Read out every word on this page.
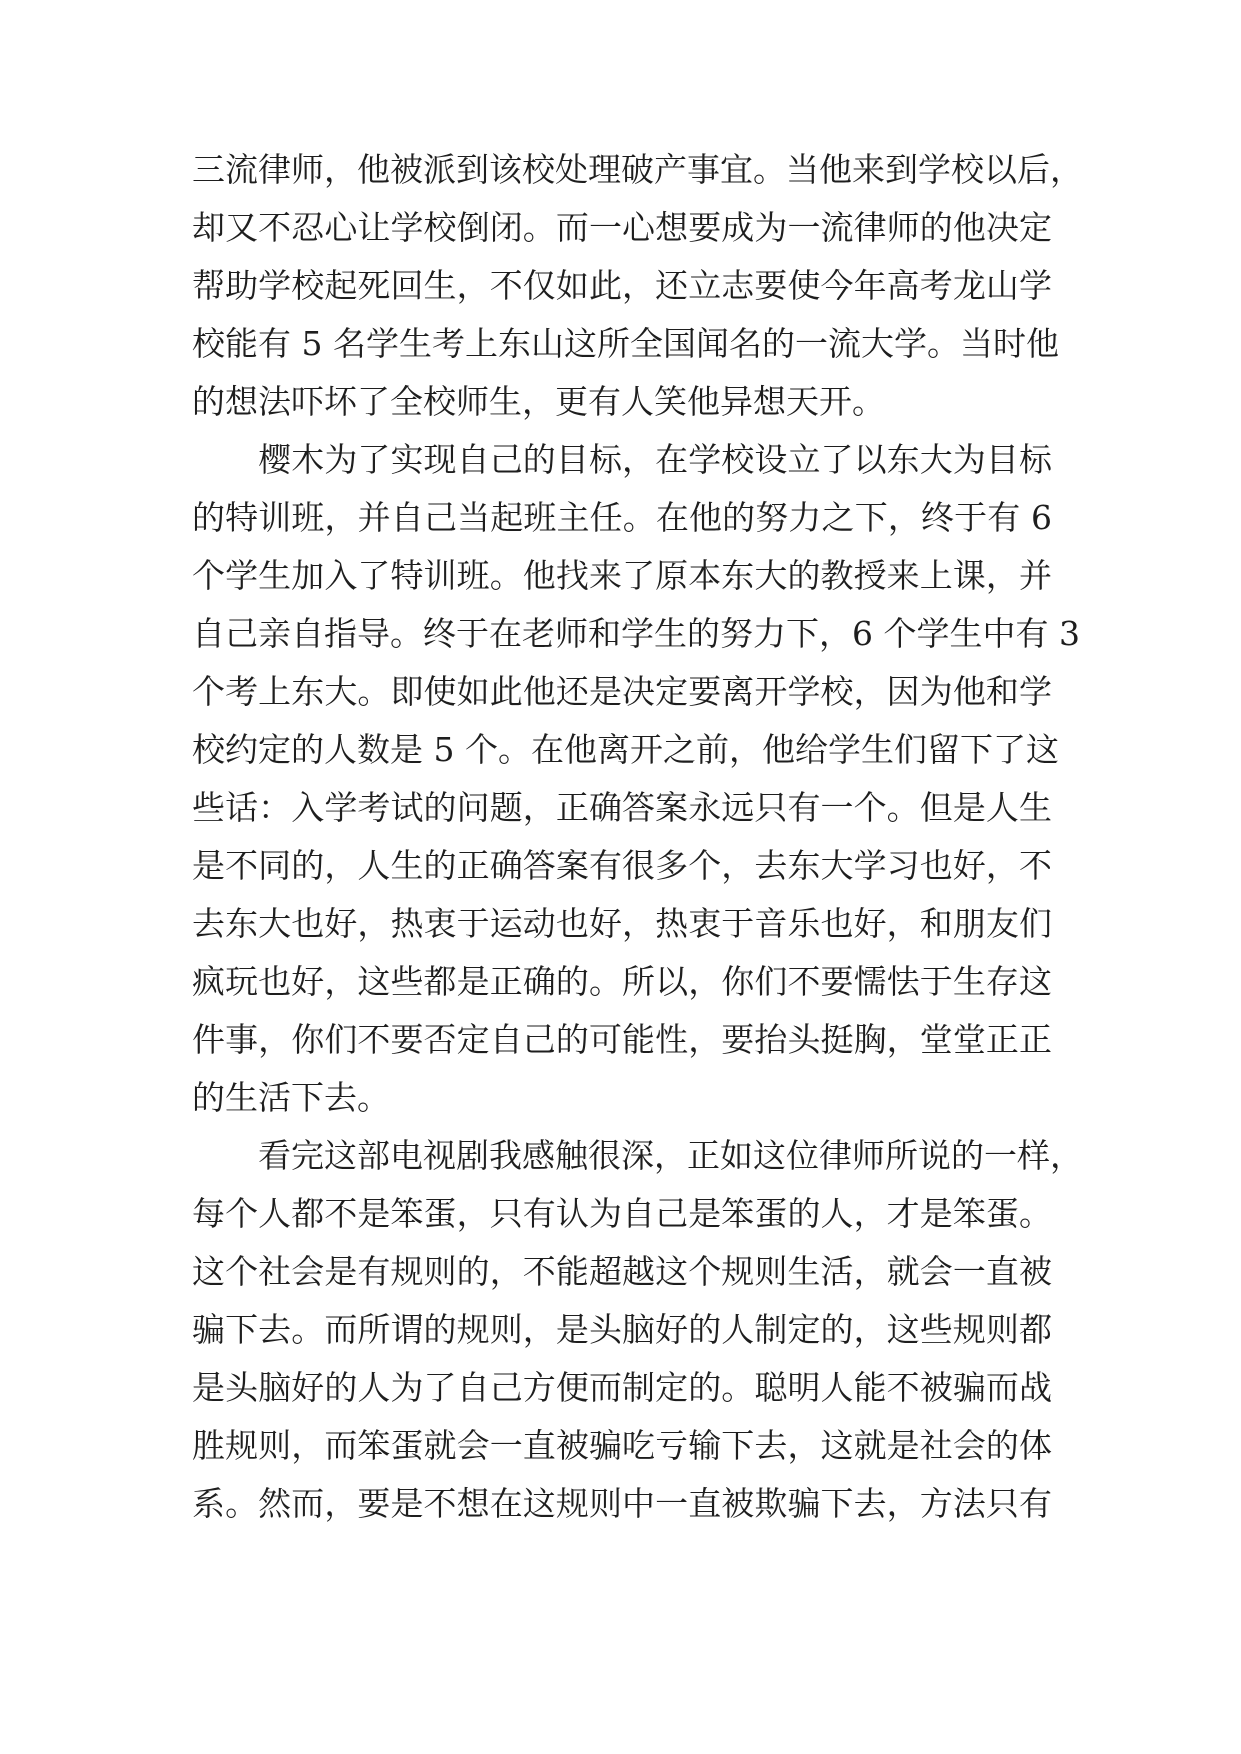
三流律师，他被派到该校处理破产事宜。当他来到学校以后，
却又不忍心让学校倒闭。而一心想要成为一流律师的他决定
帮助学校起死回生，不仅如此，还立志要使今年高考龙山学
校能有 5 名学生考上东山这所全国闻名的一流大学。当时他
的想法吓坏了全校师生，更有人笑他异想天开。
　　樱木为了实现自己的目标，在学校设立了以东大为目标
的特训班，并自己当起班主任。在他的努力之下，终于有 6
个学生加入了特训班。他找来了原本东大的教授来上课，并
自己亲自指导。终于在老师和学生的努力下，6 个学生中有 3
个考上东大。即使如此他还是决定要离开学校，因为他和学
校约定的人数是 5 个。在他离开之前，他给学生们留下了这
些话：入学考试的问题，正确答案永远只有一个。但是人生
是不同的，人生的正确答案有很多个，去东大学习也好，不
去东大也好，热衷于运动也好，热衷于音乐也好，和朋友们
疯玩也好，这些都是正确的。所以，你们不要懦怯于生存这
件事，你们不要否定自己的可能性，要抬头挺胸，堂堂正正
的生活下去。
　　看完这部电视剧我感触很深，正如这位律师所说的一样，
每个人都不是笨蛋，只有认为自己是笨蛋的人，才是笨蛋。
这个社会是有规则的，不能超越这个规则生活，就会一直被
骗下去。而所谓的规则，是头脑好的人制定的，这些规则都
是头脑好的人为了自己方便而制定的。聪明人能不被骗而战
胜规则，而笨蛋就会一直被骗吃亏输下去，这就是社会的体
系。然而，要是不想在这规则中一直被欺骗下去，方法只有
